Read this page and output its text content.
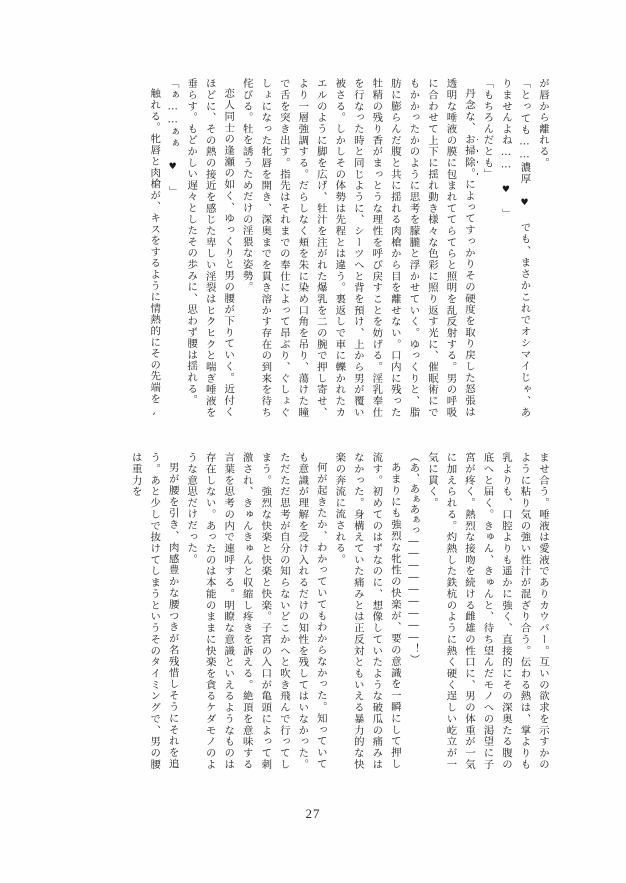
が唇から離れる。

「とっても……濃厚 ♥ でも、まさかこれでオシマイじゃ、ありませんよね…… ♥ 」

「もちろんだとも」

丹念な、お掃除。によってすっかりその硬度を取り戻した怒張は透明な唾液の膜に包まれててらてらと照明を乱反射する。男の呼吸に合わせて上下に揺れ動き様々な色彩に照り返す光に、催眠術にでもかかったかのように思考を朦朧と浮かせていく。ゆっくりと、脂肪に膨らんだ腹と共に揺れる肉槍から目を離せない。口内に残った牡精の残り香がまっとうな理性を呼び戻すことを妨げる。淫乳奉仕を行なった時と同じように、シーツへと背を預け、上から男が覆い被さる。しかしその体勢は先程とは違う。裏返しで車に轢かれたカエルのように脚を広げ、牡汁を注がれた爆乳を二の腕で押し寄せ、より一層強調する。だらしなく頬を朱に染め口角を吊り、蕩けた瞳で舌を突き出す。指先はそれまでの奉仕によって昂ぶり、ぐしょぐしょになった牝唇を開き、深奥までを貫き溶かす存在の到来を待ち侘びる。牡を誘うためだけの淫猥な姿勢。

恋人同士の逢瀬の如く、ゆっくりと男の腰が下りていく。近付くほどに、その熱の接近を感じた卑しい淫裂はヒクヒクと喘ぎ唾液を垂らす。もどかしい遅々としたその歩みに、思わず腰は揺れる。

「ぁ……ぁぁ ♥ 」

触れる。牝唇と肉槍が、キスをするように情熱的にその先端を,

ませ合う。唾液は愛液でありカウパー。互いの欲求を示すかのように粘り気の強い性汁が混ざり合う。伝わる熱は、掌よりも乳よりも、口腔よりも遥かに強く、直接的にその深奥たる腹の底へと届く。きゅん、きゅんと、待ち望んだモノへの渇望に子宮が疼く。熱烈な接吻を続ける雌雄の性口に、男の体重が一気に加えられる。灼熱した鉄杭のように熱く硬く逞しい屹立が一気に貫く。

（あ、あぁあぁっ―――――――――！）

あまりにも強烈な牝性の快楽が、要の意識を一瞬にして押し流す。初めてのはずなのに、想像していたような破瓜の痛みはなかった。身構えていた痛みとは正反対ともいえる暴力的な快楽の奔流に流される。

何が起きたか、わかっていてもわからなかった。知っていても意識が理解を受け入れるだけの知性を残してはいなかった。ただただ思考が自分の知らないどこかへと吹き飛んで行ってしまう。強烈な快楽と快楽と快楽。子宮の入口が亀頭によって刺激され、きゅんきゅんと収縮し疼きを訴える。絶頂を意味する言葉を思考の内で連呼する。明瞭な意識といえるようなものは存在しない。あったのは本能のままに快楽を貪るケダモノのような意思だけだった。

男が腰を引き、肉感豊かな腰つきが名残惜しそうにそれを追う。あと少しで抜けてしまうというそのタイミングで、男の腰は重力を

27
